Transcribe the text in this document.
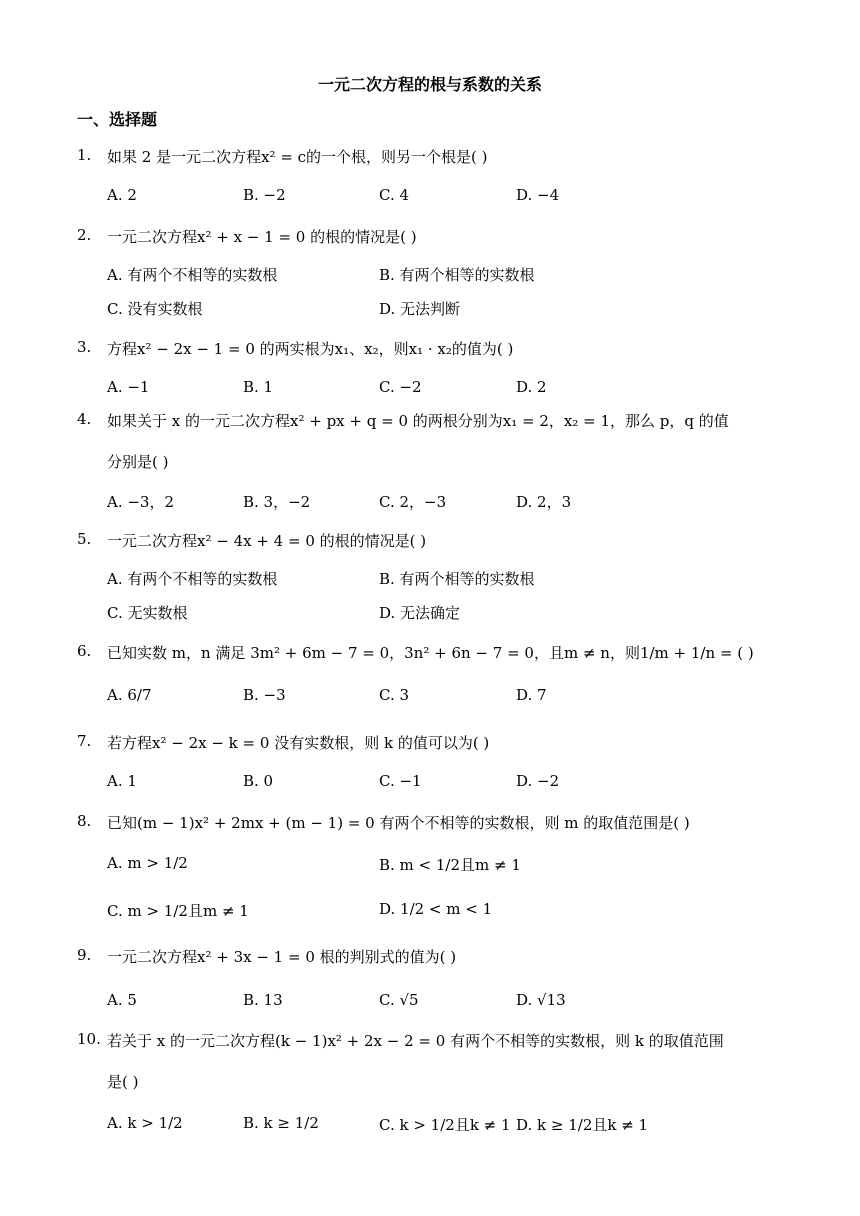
一元二次方程的根与系数的关系
一、选择题
1.	如果 2 是一元二次方程x² = c的一个根，则另一个根是( )
A. 2	B. −2	C. 4	D. −4
2.	一元二次方程x² + x − 1 = 0 的根的情况是( )
A. 有两个不相等的实数根	B. 有两个相等的实数根
C. 没有实数根	D. 无法判断
3.	方程x² − 2x − 1 = 0 的两实根为x₁、x₂，则x₁ · x₂的值为( )
A. −1	B. 1	C. −2	D. 2
4.	如果关于 x 的一元二次方程x² + px + q = 0 的两根分别为x₁ = 2，x₂ = 1，那么 p，q 的值
分别是( )
A. −3，2	B. 3，−2	C. 2，−3	D. 2，3
5.	一元二次方程x² − 4x + 4 = 0 的根的情况是( )
A. 有两个不相等的实数根	B. 有两个相等的实数根
C. 无实数根	D. 无法确定
6.	已知实数 m，n 满足 3m² + 6m − 7 = 0，3n² + 6n − 7 = 0，且m ≠ n，则1/m + 1/n = ( )
A. 6/7	B. −3	C. 3	D. 7
7.	若方程x² − 2x − k = 0 没有实数根，则 k 的值可以为( )
A. 1	B. 0	C. −1	D. −2
8.	已知(m − 1)x² + 2mx + (m − 1) = 0 有两个不相等的实数根，则 m 的取值范围是( )
A. m > 1/2	B. m < 1/2且m ≠ 1
C. m > 1/2且m ≠ 1	D. 1/2 < m < 1
9.	一元二次方程x² + 3x − 1 = 0 根的判别式的值为( )
A. 5	B. 13	C. √5	D. √13
10. 若关于 x 的一元二次方程(k − 1)x² + 2x − 2 = 0 有两个不相等的实数根，则 k 的取值范围
是( )
A. k > 1/2	B. k ≥ 1/2	C. k > 1/2且k ≠ 1 D. k ≥ 1/2且k ≠ 1
